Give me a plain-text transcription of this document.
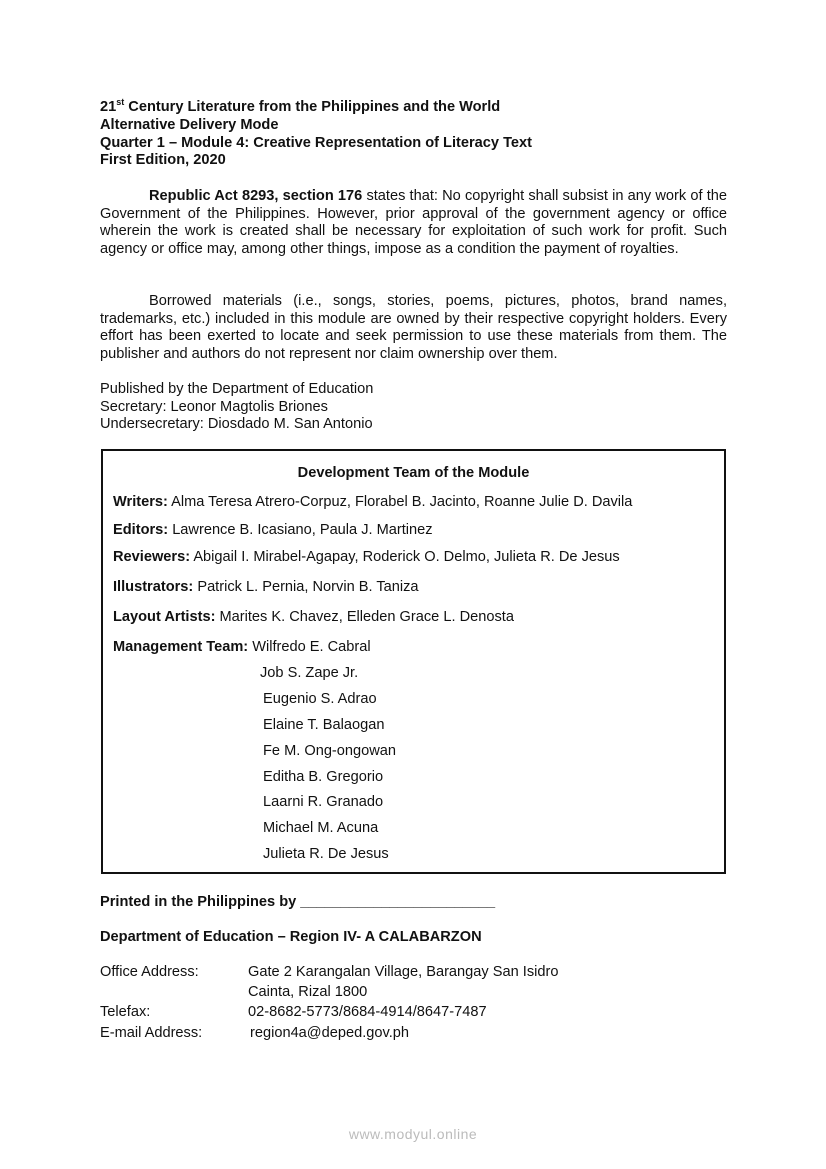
21st Century Literature from the Philippines and the World
Alternative Delivery Mode
Quarter 1 – Module 4: Creative Representation of Literacy Text
First Edition, 2020
Republic Act 8293, section 176 states that: No copyright shall subsist in any work of the Government of the Philippines. However, prior approval of the government agency or office wherein the work is created shall be necessary for exploitation of such work for profit. Such agency or office may, among other things, impose as a condition the payment of royalties.
Borrowed materials (i.e., songs, stories, poems, pictures, photos, brand names, trademarks, etc.) included in this module are owned by their respective copyright holders. Every effort has been exerted to locate and seek permission to use these materials from them. The publisher and authors do not represent nor claim ownership over them.
Published by the Department of Education
Secretary: Leonor Magtolis Briones
Undersecretary: Diosdado M. San Antonio
Development Team of the Module
Writers: Alma Teresa Atrero-Corpuz, Florabel B. Jacinto, Roanne Julie D. Davila
Editors: Lawrence B. Icasiano, Paula J. Martinez
Reviewers: Abigail I. Mirabel-Agapay, Roderick O. Delmo, Julieta R. De Jesus
Illustrators: Patrick L. Pernia, Norvin B. Taniza
Layout Artists: Marites K. Chavez, Elleden Grace L. Denosta
Management Team: Wilfredo E. Cabral
Job S. Zape Jr.
Eugenio S. Adrao
Elaine T. Balaogan
Fe M. Ong-ongowan
Editha B. Gregorio
Laarni R. Granado
Michael M. Acuna
Julieta R. De Jesus
Printed in the Philippines by ________________________
Department of Education – Region IV- A CALABARZON
Office Address:	Gate 2 Karangalan Village, Barangay San Isidro
Cainta, Rizal 1800
Telefax:	02-8682-5773/8684-4914/8647-7487
E-mail Address:	region4a@deped.gov.ph
www.modyul.online
